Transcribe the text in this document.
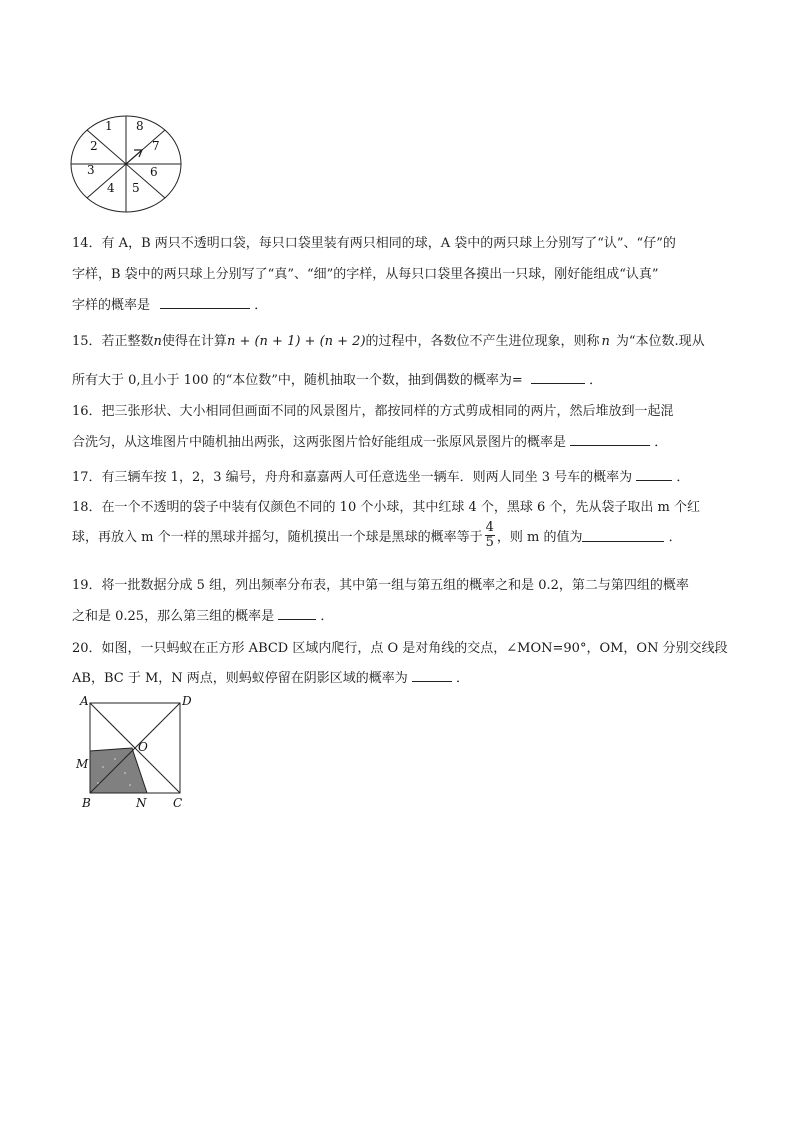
1 8
7
6
5
4
3
2
14．有 A，B 两只不透明口袋，每只口袋里装有两只相同的球，A 袋中的两只球上分别写了“认”、“仔”的
字样，B 袋中的两只球上分别写了“真”、“细”的字样，从每只口袋里各摸出一只球，刚好能组成“认真”
字样的概率是	．
15．若正整数n使得在计算n + (n + 1) + (n + 2)的过程中，各数位不产生进位现象，则称 n 为“本位数.现从
所有大于 0,且小于 100 的“本位数”中，随机抽取一个数，抽到偶数的概率为=	．
16．把三张形状、大小相同但画面不同的风景图片，都按同样的方式剪成相同的两片，然后堆放到一起混
合洗匀，从这堆图片中随机抽出两张，这两张图片恰好能组成一张原风景图片的概率是	．
17．有三辆车按 1，2，3 编号，舟舟和嘉嘉两人可任意选坐一辆车．则两人同坐 3 号车的概率为	．
18．在一个不透明的袋子中装有仅颜色不同的 10 个小球，其中红球 4 个，黑球 6 个，先从袋子取出 m 个红
球，再放入 m 个一样的黑球并摇匀，随机摸出一个球是黑球的概率等于 $\frac{4}{5}$ ，则 m 的值为	．
19．将一批数据分成 5 组，列出频率分布表，其中第一组与第五组的概率之和是 0.2，第二与第四组的概率
之和是 0.25，那么第三组的概率是	．
20．如图，一只蚂蚁在正方形 ABCD 区域内爬行，点 O 是对角线的交点，∠MON=90°，OM，ON 分别交线段
AB，BC 于 M，N 两点，则蚂蚁停留在阴影区域的概率为	．
A	D
O
M
B	N C
